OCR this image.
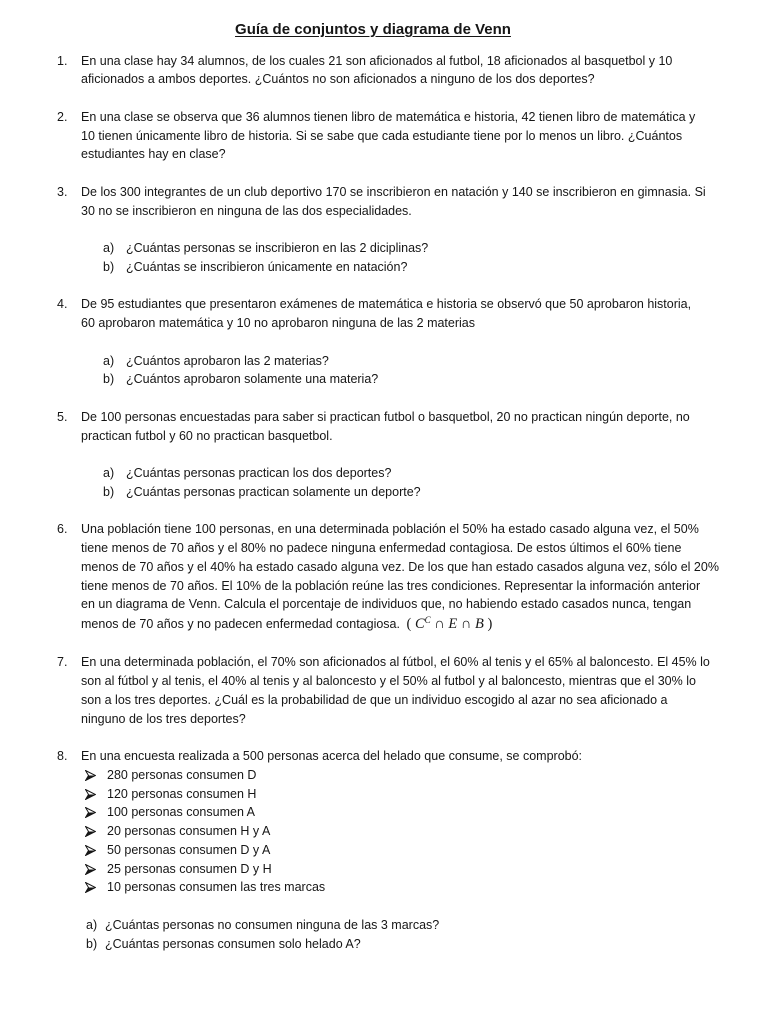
Guía de conjuntos y diagrama de Venn
1. En una clase hay 34 alumnos, de los cuales 21 son aficionados al futbol, 18 aficionados al basquetbol y 10
aficionados a ambos deportes. ¿Cuántos no son aficionados a ninguno de los dos deportes?
2. En una clase se observa que 36 alumnos tienen libro de matemática e historia, 42 tienen libro de matemática y
10 tienen únicamente libro de historia. Si se sabe que cada estudiante tiene por lo menos un libro. ¿Cuántos
estudiantes hay en clase?
3. De los 300 integrantes de un club deportivo 170 se inscribieron en natación y 140 se inscribieron en gimnasia. Si
30 no se inscribieron en ninguna de las dos especialidades.
a) ¿Cuántas personas se inscribieron en las 2 diciplinas?
b) ¿Cuántas se inscribieron únicamente en natación?
4. De 95 estudiantes que presentaron exámenes de matemática e historia se observó que 50 aprobaron historia,
60 aprobaron matemática y 10 no aprobaron ninguna de las 2 materias
a) ¿Cuántos aprobaron las 2 materias?
b) ¿Cuántos aprobaron solamente una materia?
5. De 100 personas encuestadas para saber si practican futbol o basquetbol, 20 no practican ningún deporte, no
practican futbol y 60 no practican basquetbol.
a) ¿Cuántas personas practican los dos deportes?
b) ¿Cuántas personas practican solamente un deporte?
6. Una población tiene 100 personas, en una determinada población el 50% ha estado casado alguna vez, el 50%
tiene menos de 70 años y el 80% no padece ninguna enfermedad contagiosa. De estos últimos el 60% tiene
menos de 70 años y el 40% ha estado casado alguna vez. De los que han estado casados alguna vez, sólo el 20%
tiene menos de 70 años. El 10% de la población reúne las tres condiciones. Representar la información anterior
en un diagrama de Venn. Calcula el porcentaje de individuos que, no habiendo estado casados nunca, tengan
menos de 70 años y no padecen enfermedad contagiosa. ( $C^C$ ∩ E ∩ B )
7. En una determinada población, el 70% son aficionados al fútbol, el 60% al tenis y el 65% al baloncesto. El 45% lo
son al fútbol y al tenis, el 40% al tenis y al baloncesto y el 50% al futbol y al baloncesto, mientras que el 30% lo
son a los tres deportes. ¿Cuál es la probabilidad de que un individuo escogido al azar no sea aficionado a
ninguno de los tres deportes?
8. En una encuesta realizada a 500 personas acerca del helado que consume, se comprobó:
280 personas consumen D
120 personas consumen H
100 personas consumen A
20 personas consumen H y A
50 personas consumen D y A
25 personas consumen D y H
10 personas consumen las tres marcas
a) ¿Cuántas personas no consumen ninguna de las 3 marcas?
b) ¿Cuántas personas consumen solo helado A?
